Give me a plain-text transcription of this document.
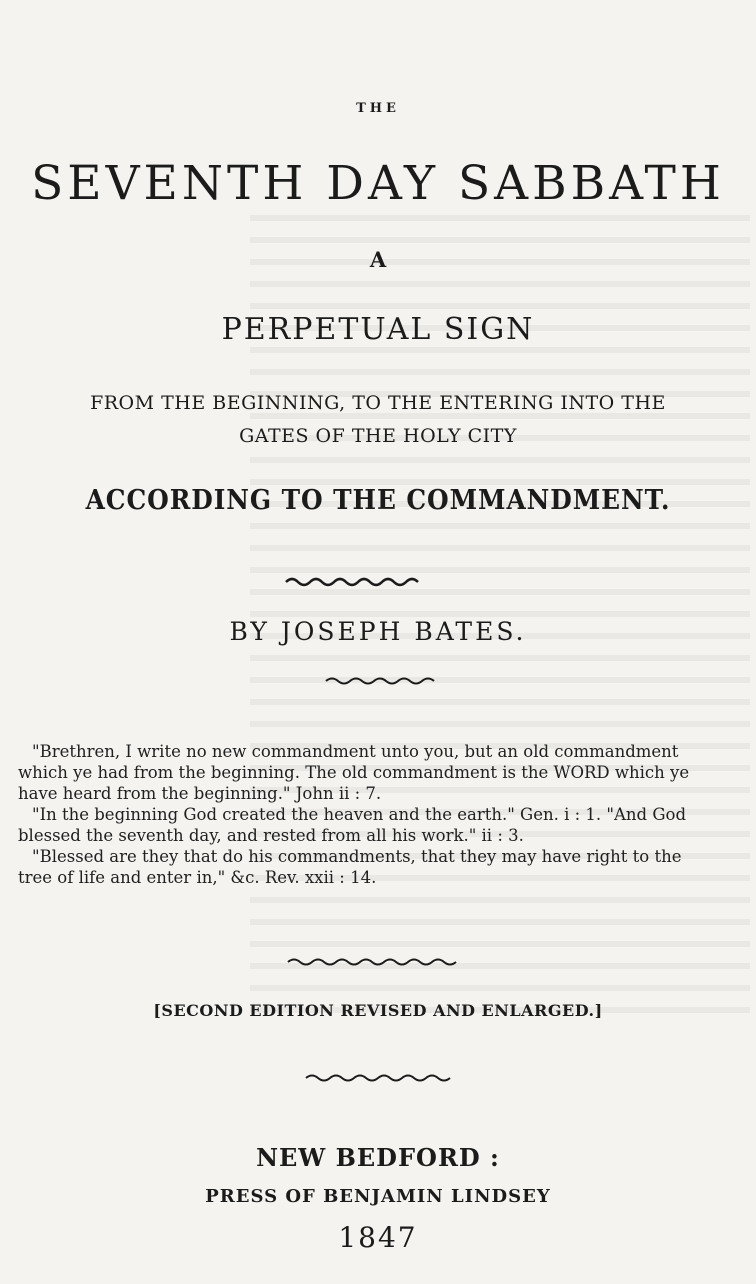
THE
SEVENTH DAY SABBATH
A
PERPETUAL SIGN
FROM THE BEGINNING, TO THE ENTERING INTO THE
GATES OF THE HOLY CITY
ACCORDING TO THE COMMANDMENT.
BY JOSEPH BATES.

"Brethren, I write no new commandment unto you, but an old commandment which ye had from the beginning. The old commandment is the WORD which ye have heard from the beginning." John ii : 7.

"In the beginning God created the heaven and the earth." Gen. i : 1. "And God blessed the seventh day, and rested from all his work." ii : 3.

"Blessed are they that do his commandments, that they may have right to the tree of life and enter in," &c. Rev. xxii : 14.

[SECOND EDITION REVISED AND ENLARGED.]
NEW BEDFORD :
PRESS OF BENJAMIN LINDSEY
1847
